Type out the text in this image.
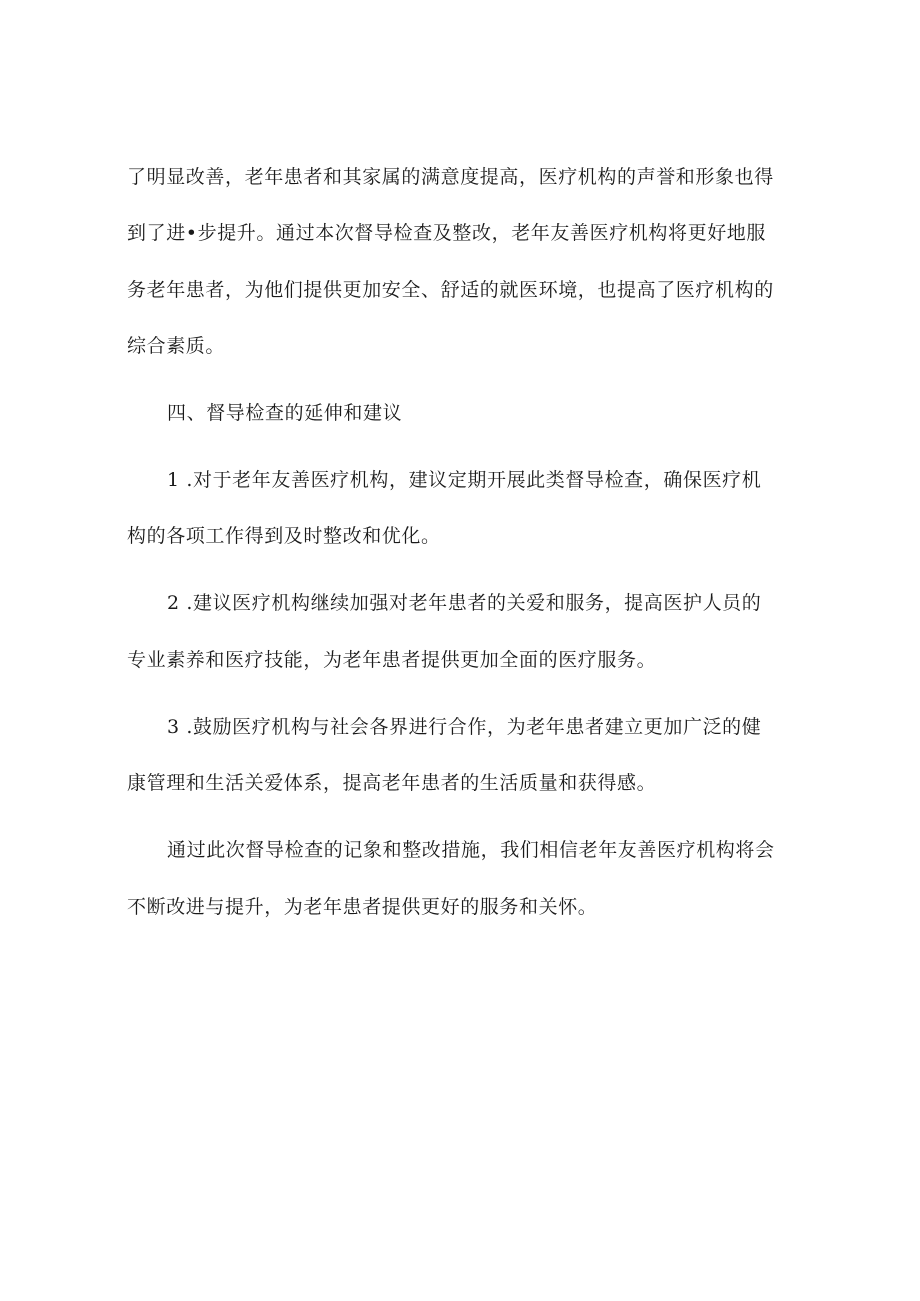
了明显改善，老年患者和其家属的满意度提高，医疗机构的声誉和形象也得
到了进•步提升。通过本次督导检查及整改，老年友善医疗机构将更好地服
务老年患者，为他们提供更加安全、舒适的就医环境，也提高了医疗机构的
综合素质。
四、督导检查的延伸和建议
1 .对于老年友善医疗机构，建议定期开展此类督导检查，确保医疗机
构的各项工作得到及时整改和优化。
2 .建议医疗机构继续加强对老年患者的关爱和服务，提高医护人员的
专业素养和医疗技能，为老年患者提供更加全面的医疗服务。
3 .鼓励医疗机构与社会各界进行合作，为老年患者建立更加广泛的健
康管理和生活关爱体系，提高老年患者的生活质量和获得感。
通过此次督导检查的记象和整改措施，我们相信老年友善医疗机构将会
不断改进与提升，为老年患者提供更好的服务和关怀。
